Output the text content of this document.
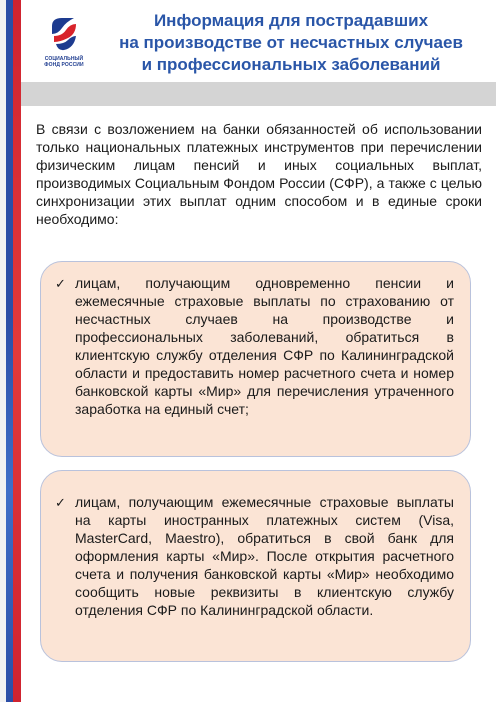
СОЦИАЛЬНЫЙ
ФОНД РОССИИ
Информация для пострадавших
на производстве от несчастных случаев
и профессиональных заболеваний
В связи с возложением на банки обязанностей об использовании только национальных платежных инструментов при перечислении физическим лицам пенсий и иных социальных выплат, производимых Социальным Фондом России (СФР), а также с целью синхронизации этих выплат одним способом и в единые сроки необходимо:
✓ лицам, получающим одновременно пенсии и ежемесячные страховые выплаты по страхованию от несчастных случаев на производстве и профессиональных заболеваний, обратиться в клиентскую службу отделения СФР по Калининградской области и предоставить номер расчетного счета и номер банковской карты «Мир» для перечисления утраченного заработка на единый счет;
✓ лицам, получающим ежемесячные страховые выплаты на карты иностранных платежных систем (Visa, MasterCard, Maestro), обратиться в свой банк для оформления карты «Мир». После открытия расчетного счета и получения банковской карты «Мир» необходимо сообщить новые реквизиты в клиентскую службу отделения СФР по Калининградской области.
